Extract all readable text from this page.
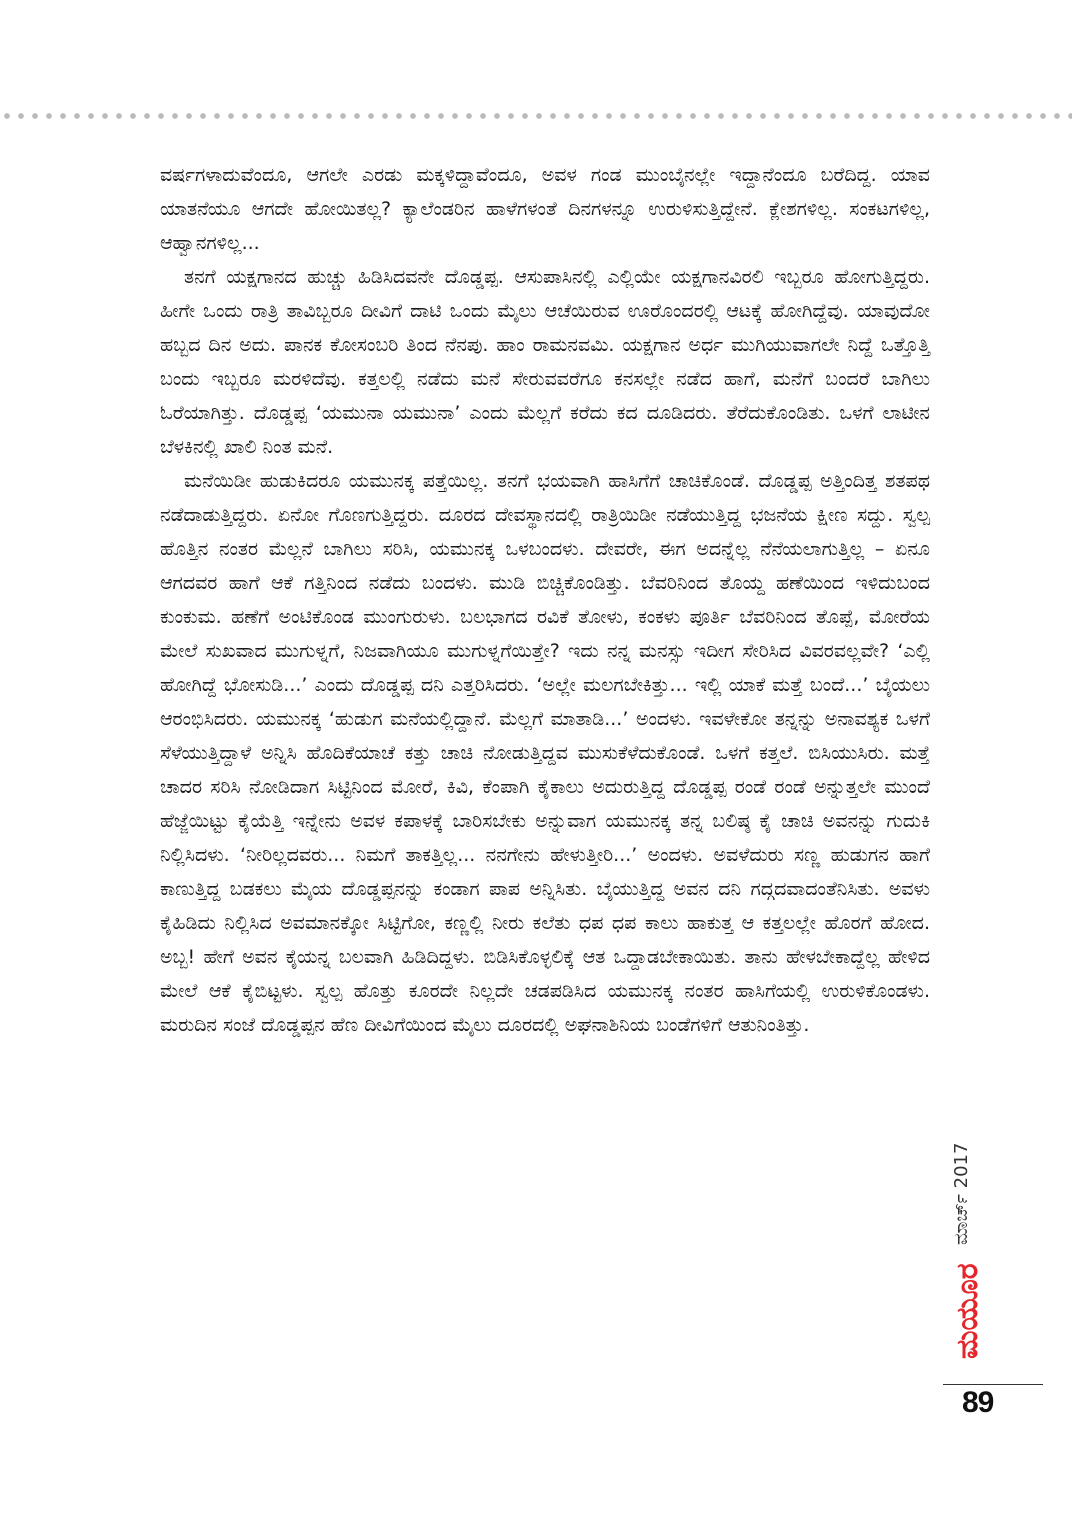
ವರ್ಷಗಳಾದುವೆಂದೂ, ಆಗಲೇ ಎರಡು ಮಕ್ಕಳಿದ್ದಾವೆಂದೂ, ಅವಳ ಗಂಡ ಮುಂಬೈನಲ್ಲೇ ಇದ್ದಾನೆಂದೂ ಬರೆದಿದ್ದ. ಯಾವ ಯಾತನೆಯೂ ಆಗದೇ ಹೋಯಿತಲ್ಲ? ಕ್ಯಾಲೆಂಡರಿನ ಹಾಳೆಗಳಂತೆ ದಿನಗಳನ್ನೂ ಉರುಳಿಸುತ್ತಿದ್ದೇನೆ. ಕ್ಲೇಶಗಳಿಲ್ಲ. ಸಂಕಟಗಳಿಲ್ಲ, ಆಹ್ವಾನಗಳಿಲ್ಲ...

ತನಗೆ ಯಕ್ಷಗಾನದ ಹುಚ್ಚು ಹಿಡಿಸಿದವನೇ ದೊಡ್ಡಪ್ಪ. ಆಸುಪಾಸಿನಲ್ಲಿ ಎಲ್ಲಿಯೇ ಯಕ್ಷಗಾನವಿರಲಿ ಇಬ್ಬರೂ ಹೋಗುತ್ತಿದ್ದರು. ಹೀಗೇ ಒಂದು ರಾತ್ರಿ ತಾವಿಬ್ಬರೂ ದೀವಿಗೆ ದಾಟಿ ಒಂದು ಮೈಲು ಆಚೆಯಿರುವ ಊರೊಂದರಲ್ಲಿ ಆಟಕ್ಕೆ ಹೋಗಿದ್ದೆವು. ಯಾವುದೋ ಹಬ್ಬದ ದಿನ ಅದು. ಪಾನಕ ಕೋಸಂಬರಿ ತಿಂದ ನೆನಪು. ಹಾಂ ರಾಮನವಮಿ. ಯಕ್ಷಗಾನ ಅರ್ಧ ಮುಗಿಯುವಾಗಲೇ ನಿದ್ದೆ ಒತ್ತೊತ್ತಿ ಬಂದು ಇಬ್ಬರೂ ಮರಳಿದೆವು. ಕತ್ತಲಲ್ಲಿ ನಡೆದು ಮನೆ ಸೇರುವವರೆಗೂ ಕನಸಲ್ಲೇ ನಡೆದ ಹಾಗೆ, ಮನೆಗೆ ಬಂದರೆ ಬಾಗಿಲು ಓರೆಯಾಗಿತ್ತು. ದೊಡ್ಡಪ್ಪ ‘ಯಮುನಾ ಯಮುನಾ’ ಎಂದು ಮೆಲ್ಲಗೆ ಕರೆದು ಕದ ದೂಡಿದರು. ತೆರೆದುಕೊಂಡಿತು. ಒಳಗೆ ಲಾಟೀನ ಬೆಳಕಿನಲ್ಲಿ ಖಾಲಿ ನಿಂತ ಮನೆ.

ಮನೆಯಿಡೀ ಹುಡುಕಿದರೂ ಯಮುನಕ್ಕ ಪತ್ತೆಯಿಲ್ಲ. ತನಗೆ ಭಯವಾಗಿ ಹಾಸಿಗೆಗೆ ಚಾಚಿಕೊಂಡೆ. ದೊಡ್ಡಪ್ಪ ಅತ್ತಿಂದಿತ್ತ ಶತಪಥ ನಡೆದಾಡುತ್ತಿದ್ದರು. ಏನೋ ಗೊಣಗುತ್ತಿದ್ದರು. ದೂರದ ದೇವಸ್ಥಾನದಲ್ಲಿ ರಾತ್ರಿಯಿಡೀ ನಡೆಯುತ್ತಿದ್ದ ಭಜನೆಯ ಕ್ಷೀಣ ಸದ್ದು. ಸ್ವಲ್ಪ ಹೊತ್ತಿನ ನಂತರ ಮೆಲ್ಲನೆ ಬಾಗಿಲು ಸರಿಸಿ, ಯಮುನಕ್ಕ ಒಳಬಂದಳು. ದೇವರೇ, ಈಗ ಅದನ್ನೆಲ್ಲ ನೆನೆಯಲಾಗುತ್ತಿಲ್ಲ – ಏನೂ ಆಗದವರ ಹಾಗೆ ಆಕೆ ಗತ್ತಿನಿಂದ ನಡೆದು ಬಂದಳು. ಮುಡಿ ಬಿಚ್ಚಿಕೊಂಡಿತ್ತು. ಬೆವರಿನಿಂದ ತೊಯ್ದ ಹಣೆಯಿಂದ ಇಳಿದುಬಂದ ಕುಂಕುಮ. ಹಣೆಗೆ ಅಂಟಿಕೊಂಡ ಮುಂಗುರುಳು. ಬಲಭಾಗದ ರವಿಕೆ ತೋಳು, ಕಂಕಳು ಪೂರ್ತಿ ಬೆವರಿನಿಂದ ತೊಪ್ಪೆ, ಮೋರೆಯ ಮೇಲೆ ಸುಖವಾದ ಮುಗುಳ್ನಗೆ, ನಿಜವಾಗಿಯೂ ಮುಗುಳ್ನಗೆಯಿತ್ತೇ? ಇದು ನನ್ನ ಮನಸ್ಸು ಇದೀಗ ಸೇರಿಸಿದ ವಿವರವಲ್ಲವೇ? ‘ಎಲ್ಲಿ ಹೋಗಿದ್ದೆ ಭೋಸುಡಿ...’ ಎಂದು ದೊಡ್ಡಪ್ಪ ದನಿ ಎತ್ತರಿಸಿದರು. ‘ಅಲ್ಲೇ ಮಲಗಬೇಕಿತ್ತು... ಇಲ್ಲಿ ಯಾಕೆ ಮತ್ತೆ ಬಂದೆ...’ ಬೈಯಲು ಆರಂಭಿಸಿದರು. ಯಮುನಕ್ಕ ‘ಹುಡುಗ ಮನೆಯಲ್ಲಿದ್ದಾನೆ. ಮೆಲ್ಲಗೆ ಮಾತಾಡಿ...’ ಅಂದಳು. ಇವಳೇಕೋ ತನ್ನನ್ನು ಅನಾವಶ್ಯಕ ಒಳಗೆ ಸೆಳೆಯುತ್ತಿದ್ದಾಳೆ ಅನ್ನಿಸಿ ಹೊದಿಕೆಯಾಚೆ ಕತ್ತು ಚಾಚಿ ನೋಡುತ್ತಿದ್ದವ ಮುಸುಕೆಳೆದುಕೊಂಡೆ. ಒಳಗೆ ಕತ್ತಲೆ. ಬಿಸಿಯುಸಿರು. ಮತ್ತೆ ಚಾದರ ಸರಿಸಿ ನೋಡಿದಾಗ ಸಿಟ್ಟಿನಿಂದ ಮೋರೆ, ಕಿವಿ, ಕೆಂಪಾಗಿ ಕೈಕಾಲು ಅದುರುತ್ತಿದ್ದ ದೊಡ್ಡಪ್ಪ ರಂಡೆ ರಂಡೆ ಅನ್ನುತ್ತಲೇ ಮುಂದೆ ಹೆಜ್ಜೆಯಿಟ್ಟು ಕೈಯೆತ್ತಿ ಇನ್ನೇನು ಅವಳ ಕಪಾಳಕ್ಕೆ ಬಾರಿಸಬೇಕು ಅನ್ನುವಾಗ ಯಮುನಕ್ಕ ತನ್ನ ಬಲಿಷ್ಠ ಕೈ ಚಾಚಿ ಅವನನ್ನು ಗುದುಕಿ ನಿಲ್ಲಿಸಿದಳು. ‘ನೀರಿಲ್ಲದವರು... ನಿಮಗೆ ತಾಕತ್ತಿಲ್ಲ... ನನಗೇನು ಹೇಳುತ್ತೀರಿ...’ ಅಂದಳು. ಅವಳೆದುರು ಸಣ್ಣ ಹುಡುಗನ ಹಾಗೆ ಕಾಣುತ್ತಿದ್ದ ಬಡಕಲು ಮೈಯ ದೊಡ್ಡಪ್ಪನನ್ನು ಕಂಡಾಗ ಪಾಪ ಅನ್ನಿಸಿತು. ಬೈಯುತ್ತಿದ್ದ ಅವನ ದನಿ ಗದ್ಗದವಾದಂತೆನಿಸಿತು. ಅವಳು ಕೈಹಿಡಿದು ನಿಲ್ಲಿಸಿದ ಅವಮಾನಕ್ಕೋ ಸಿಟ್ಟಿಗೋ, ಕಣ್ಣಲ್ಲಿ ನೀರು ಕಲೆತು ಧಪ ಧಪ ಕಾಲು ಹಾಕುತ್ತ ಆ ಕತ್ತಲಲ್ಲೇ ಹೊರಗೆ ಹೋದ. ಅಬ್ಬ! ಹೇಗೆ ಅವನ ಕೈಯನ್ನ ಬಲವಾಗಿ ಹಿಡಿದಿದ್ದಳು. ಬಿಡಿಸಿಕೊಳ್ಳಲಿಕ್ಕೆ ಆತ ಒದ್ದಾಡಬೇಕಾಯಿತು. ತಾನು ಹೇಳಬೇಕಾದ್ದೆಲ್ಲ ಹೇಳಿದ ಮೇಲೆ ಆಕೆ ಕೈಬಿಟ್ಟಳು. ಸ್ವಲ್ಪ ಹೊತ್ತು ಕೂರದೇ ನಿಲ್ಲದೇ ಚಡಪಡಿಸಿದ ಯಮುನಕ್ಕ ನಂತರ ಹಾಸಿಗೆಯಲ್ಲಿ ಉರುಳಿಕೊಂಡಳು. ಮರುದಿನ ಸಂಜೆ ದೊಡ್ಡಪ್ಪನ ಹೆಣ ದೀವಿಗೆಯಿಂದ ಮೈಲು ದೂರದಲ್ಲಿ ಅಘನಾಶಿನಿಯ ಬಂಡೆಗಳಿಗೆ ಆತುನಿಂತಿತ್ತು.

ಮಾರ್ಚ್ 2017
ಮಯೂರ
89
